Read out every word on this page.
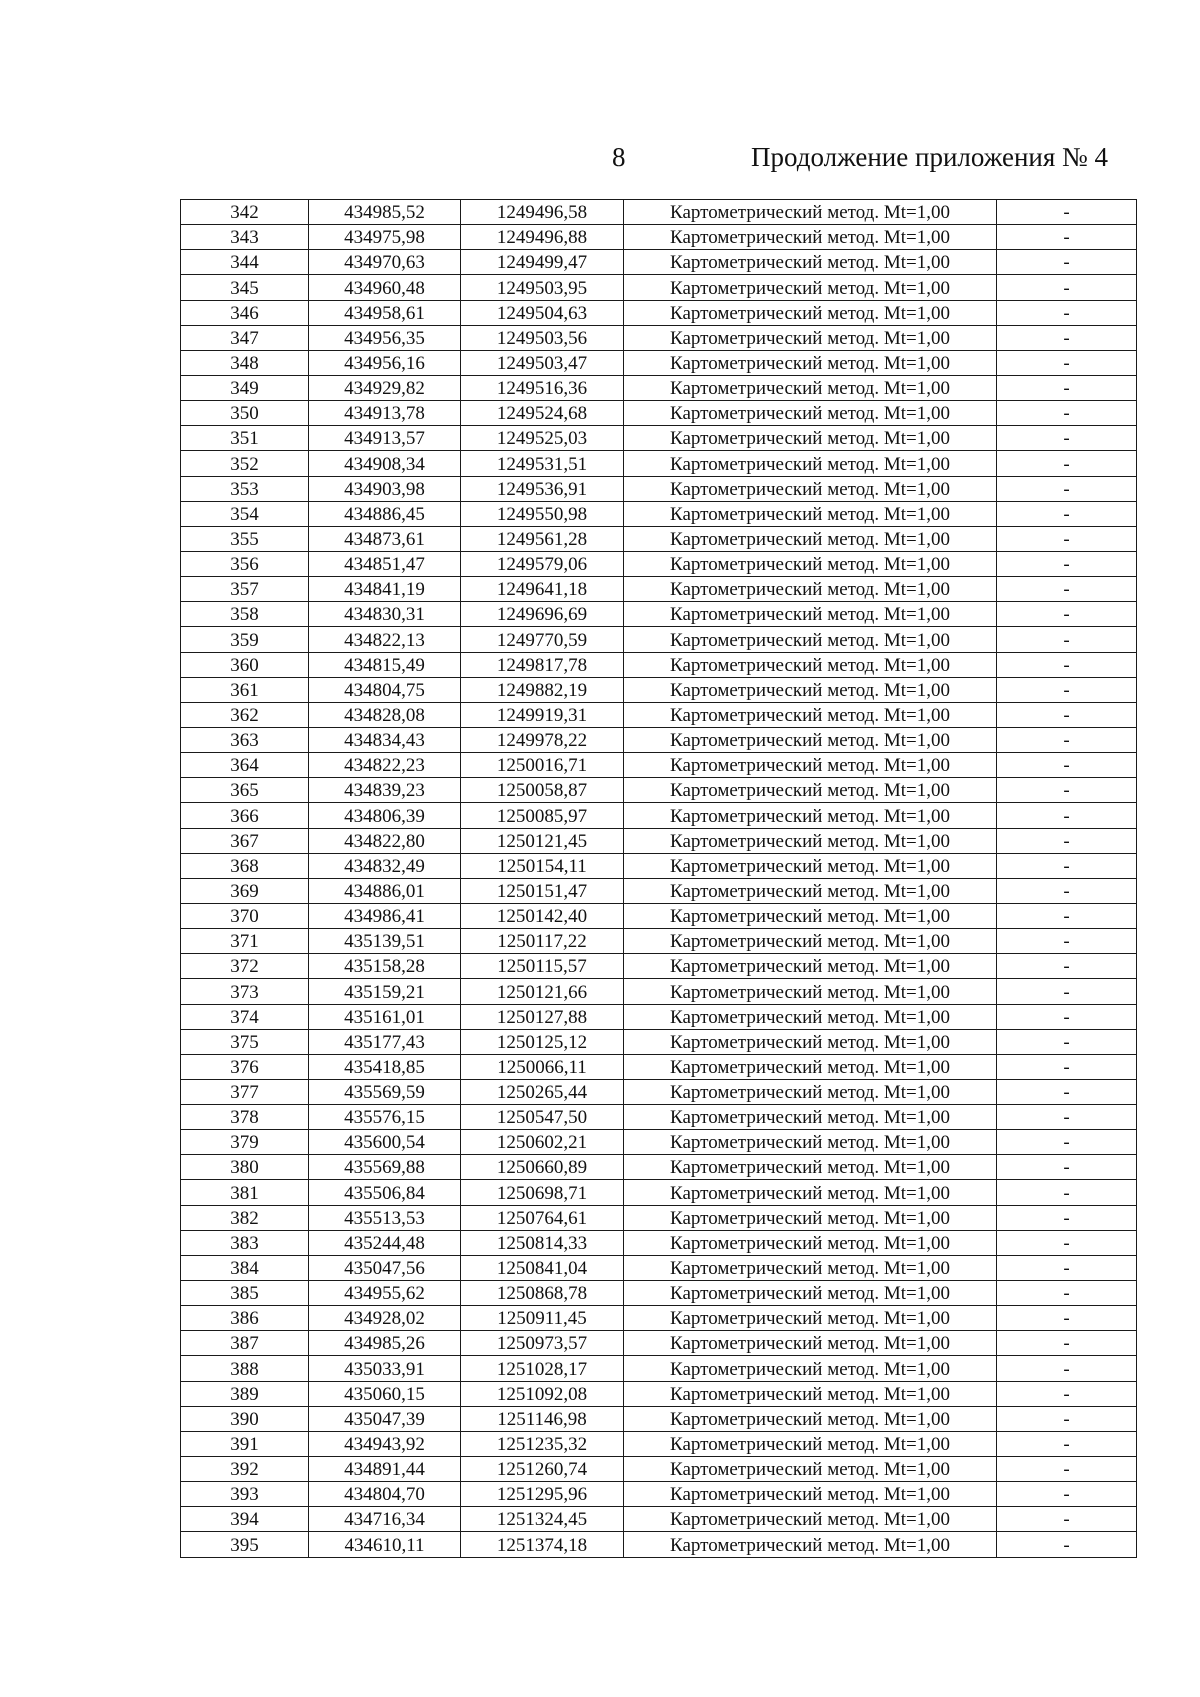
8	Продолжение приложения № 4
342	434985,52	1249496,58	Картометрический метод. Mt=1,00	-
343	434975,98	1249496,88	Картометрический метод. Mt=1,00	-
344	434970,63	1249499,47	Картометрический метод. Mt=1,00	-
345	434960,48	1249503,95	Картометрический метод. Mt=1,00	-
346	434958,61	1249504,63	Картометрический метод. Mt=1,00	-
347	434956,35	1249503,56	Картометрический метод. Mt=1,00	-
348	434956,16	1249503,47	Картометрический метод. Mt=1,00	-
349	434929,82	1249516,36	Картометрический метод. Mt=1,00	-
350	434913,78	1249524,68	Картометрический метод. Mt=1,00	-
351	434913,57	1249525,03	Картометрический метод. Mt=1,00	-
352	434908,34	1249531,51	Картометрический метод. Mt=1,00	-
353	434903,98	1249536,91	Картометрический метод. Mt=1,00	-
354	434886,45	1249550,98	Картометрический метод. Mt=1,00	-
355	434873,61	1249561,28	Картометрический метод. Mt=1,00	-
356	434851,47	1249579,06	Картометрический метод. Mt=1,00	-
357	434841,19	1249641,18	Картометрический метод. Mt=1,00	-
358	434830,31	1249696,69	Картометрический метод. Mt=1,00	-
359	434822,13	1249770,59	Картометрический метод. Mt=1,00	-
360	434815,49	1249817,78	Картометрический метод. Mt=1,00	-
361	434804,75	1249882,19	Картометрический метод. Mt=1,00	-
362	434828,08	1249919,31	Картометрический метод. Mt=1,00	-
363	434834,43	1249978,22	Картометрический метод. Mt=1,00	-
364	434822,23	1250016,71	Картометрический метод. Mt=1,00	-
365	434839,23	1250058,87	Картометрический метод. Mt=1,00	-
366	434806,39	1250085,97	Картометрический метод. Mt=1,00	-
367	434822,80	1250121,45	Картометрический метод. Mt=1,00	-
368	434832,49	1250154,11	Картометрический метод. Mt=1,00	-
369	434886,01	1250151,47	Картометрический метод. Mt=1,00	-
370	434986,41	1250142,40	Картометрический метод. Mt=1,00	-
371	435139,51	1250117,22	Картометрический метод. Mt=1,00	-
372	435158,28	1250115,57	Картометрический метод. Mt=1,00	-
373	435159,21	1250121,66	Картометрический метод. Mt=1,00	-
374	435161,01	1250127,88	Картометрический метод. Mt=1,00	-
375	435177,43	1250125,12	Картометрический метод. Mt=1,00	-
376	435418,85	1250066,11	Картометрический метод. Mt=1,00	-
377	435569,59	1250265,44	Картометрический метод. Mt=1,00	-
378	435576,15	1250547,50	Картометрический метод. Mt=1,00	-
379	435600,54	1250602,21	Картометрический метод. Mt=1,00	-
380	435569,88	1250660,89	Картометрический метод. Mt=1,00	-
381	435506,84	1250698,71	Картометрический метод. Mt=1,00	-
382	435513,53	1250764,61	Картометрический метод. Mt=1,00	-
383	435244,48	1250814,33	Картометрический метод. Mt=1,00	-
384	435047,56	1250841,04	Картометрический метод. Mt=1,00	-
385	434955,62	1250868,78	Картометрический метод. Mt=1,00	-
386	434928,02	1250911,45	Картометрический метод. Mt=1,00	-
387	434985,26	1250973,57	Картометрический метод. Mt=1,00	-
388	435033,91	1251028,17	Картометрический метод. Mt=1,00	-
389	435060,15	1251092,08	Картометрический метод. Mt=1,00	-
390	435047,39	1251146,98	Картометрический метод. Mt=1,00	-
391	434943,92	1251235,32	Картометрический метод. Mt=1,00	-
392	434891,44	1251260,74	Картометрический метод. Mt=1,00	-
393	434804,70	1251295,96	Картометрический метод. Mt=1,00	-
394	434716,34	1251324,45	Картометрический метод. Mt=1,00	-
395	434610,11	1251374,18	Картометрический метод. Mt=1,00	-
